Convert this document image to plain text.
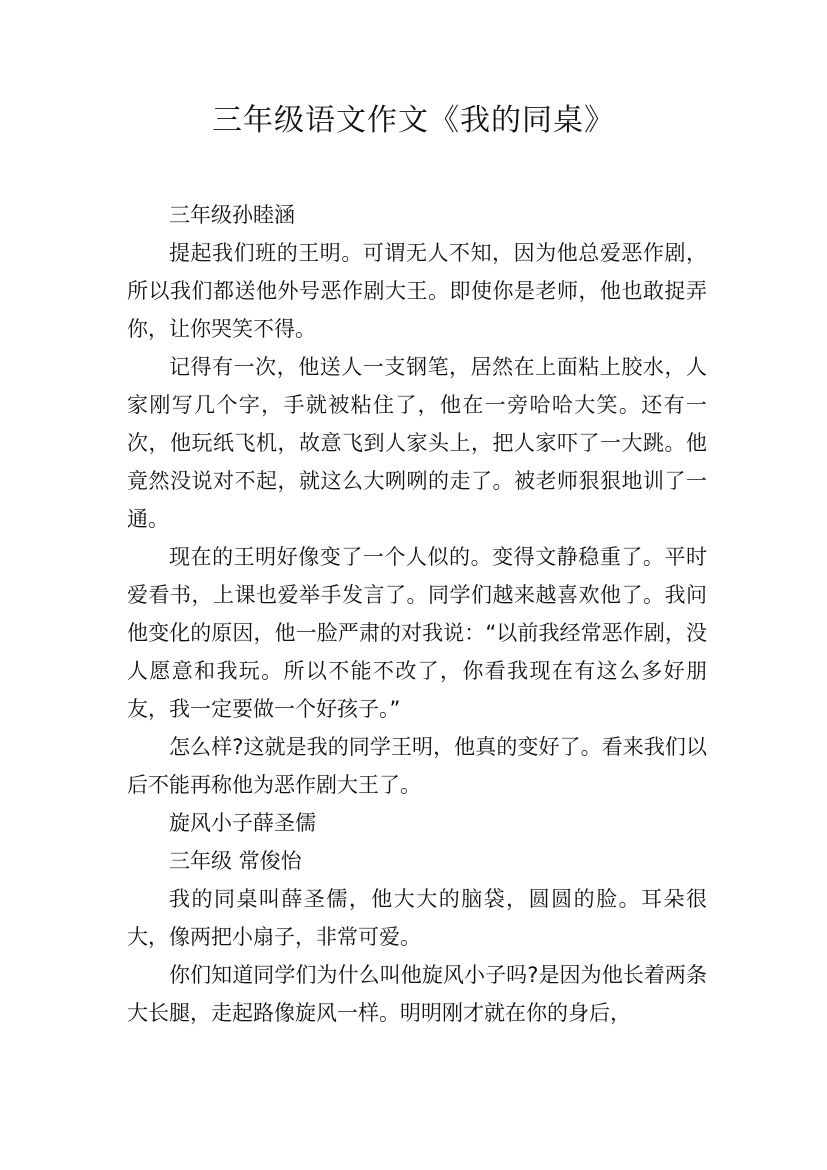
三年级语文作文《我的同桌》

三年级孙睦涵

提起我们班的王明。可谓无人不知，因为他总爱恶作剧，所以我们都送他外号恶作剧大王。即使你是老师，他也敢捉弄你，让你哭笑不得。

记得有一次，他送人一支钢笔，居然在上面粘上胶水，人家刚写几个字，手就被粘住了，他在一旁哈哈大笑。还有一次，他玩纸飞机，故意飞到人家头上，把人家吓了一大跳。他竟然没说对不起，就这么大咧咧的走了。被老师狠狠地训了一通。

现在的王明好像变了一个人似的。变得文静稳重了。平时爱看书，上课也爱举手发言了。同学们越来越喜欢他了。我问他变化的原因，他一脸严肃的对我说：“以前我经常恶作剧，没人愿意和我玩。所以不能不改了，你看我现在有这么多好朋友，我一定要做一个好孩子。”

怎么样?这就是我的同学王明，他真的变好了。看来我们以后不能再称他为恶作剧大王了。

旋风小子薛圣儒

三年级 常俊怡

我的同桌叫薛圣儒，他大大的脑袋，圆圆的脸。耳朵很大，像两把小扇子，非常可爱。

你们知道同学们为什么叫他旋风小子吗?是因为他长着两条大长腿，走起路像旋风一样。明明刚才就在你的身后，
